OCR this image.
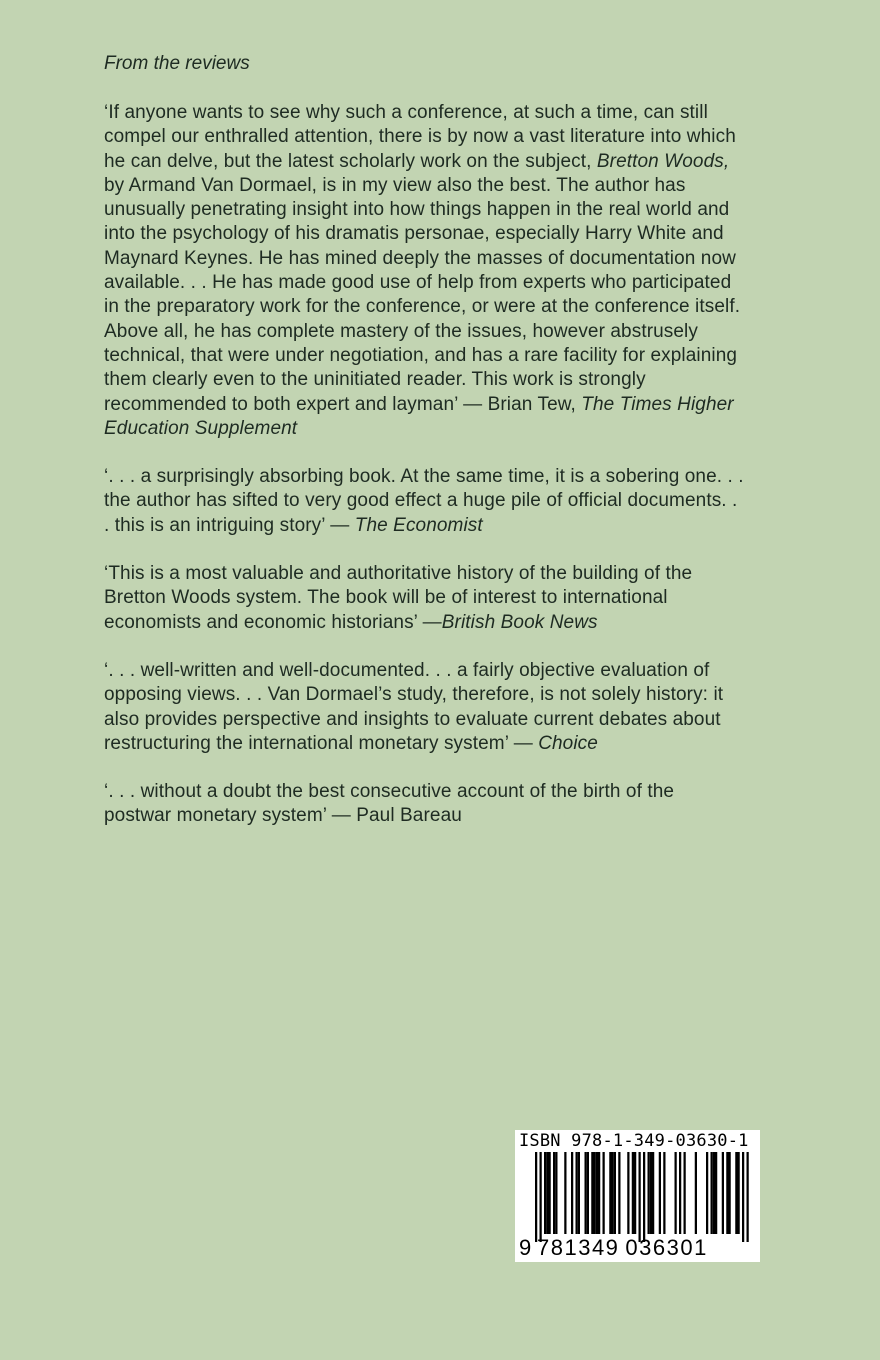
From the reviews

‘If anyone wants to see why such a conference, at such a time, can still compel our enthralled attention, there is by now a vast literature into which he can delve, but the latest scholarly work on the subject, Bretton Woods, by Armand Van Dormael, is in my view also the best. The author has unusually penetrating insight into how things happen in the real world and into the psychology of his dramatis personae, especially Harry White and Maynard Keynes. He has mined deeply the masses of documentation now available. . . He has made good use of help from experts who participated in the preparatory work for the conference, or were at the conference itself. Above all, he has complete mastery of the issues, however abstrusely technical, that were under negotiation, and has a rare facility for explaining them clearly even to the uninitiated reader. This work is strongly recommended to both expert and layman’ — Brian Tew, The Times Higher Education Supplement

‘. . . a surprisingly absorbing book. At the same time, it is a sobering one. . . the author has sifted to very good effect a huge pile of official documents. . . this is an intriguing story’ — The Economist

‘This is a most valuable and authoritative history of the building of the Bretton Woods system. The book will be of interest to international economists and economic historians’ —British Book News

‘. . . well-written and well-documented. . . a fairly objective evaluation of opposing views. . . Van Dormael’s study, therefore, is not solely history: it also provides perspective and insights to evaluate current debates about restructuring the international monetary system’ — Choice

‘. . . without a doubt the best consecutive account of the birth of the postwar monetary system’ — Paul Bareau

ISBN 978-1-349-03630-1
9 781349 036301
